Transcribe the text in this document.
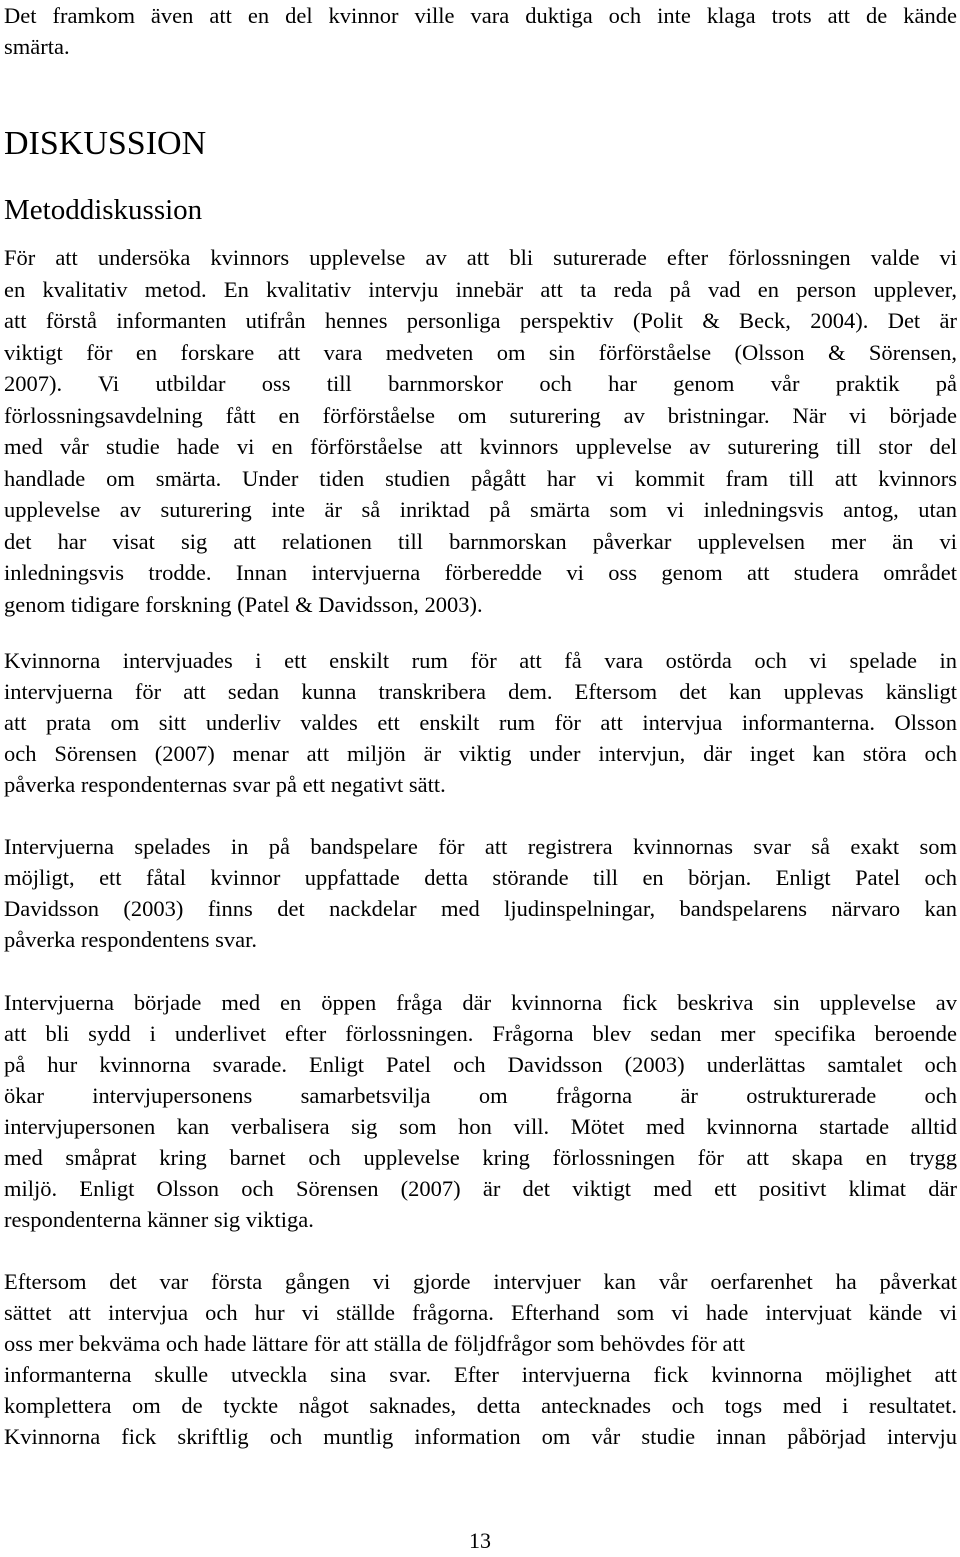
Det framkom även att en del kvinnor ville vara duktiga och inte klaga trots att de kände

smärta.

DISKUSSION
Metoddiskussion

För att undersöka kvinnors upplevelse av att bli suturerade efter förlossningen valde vi

en kvalitativ metod. En kvalitativ intervju innebär att ta reda på vad en person upplever,

att förstå informanten utifrån hennes personliga perspektiv (Polit & Beck, 2004). Det är

viktigt för en forskare att vara medveten om sin förförståelse (Olsson & Sörensen,

2007). Vi utbildar oss till barnmorskor och har genom vår praktik på

förlossningsavdelning fått en förförståelse om suturering av bristningar. När vi började

med vår studie hade vi en förförståelse att kvinnors upplevelse av suturering till stor del

handlade om smärta. Under tiden studien pågått har vi kommit fram till att kvinnors

upplevelse av suturering inte är så inriktad på smärta som vi inledningsvis antog, utan

det har visat sig att relationen till barnmorskan påverkar upplevelsen mer än vi

inledningsvis trodde. Innan intervjuerna förberedde vi oss genom att studera området

genom tidigare forskning (Patel & Davidsson, 2003).

Kvinnorna intervjuades i ett enskilt rum för att få vara ostörda och vi spelade in

intervjuerna för att sedan kunna transkribera dem. Eftersom det kan upplevas känsligt

att prata om sitt underliv valdes ett enskilt rum för att intervjua informanterna. Olsson

och Sörensen (2007) menar att miljön är viktig under intervjun, där inget kan störa och

påverka respondenternas svar på ett negativt sätt.

Intervjuerna spelades in på bandspelare för att registrera kvinnornas svar så exakt som

möjligt, ett fåtal kvinnor uppfattade detta störande till en början. Enligt Patel och

Davidsson (2003) finns det nackdelar med ljudinspelningar, bandspelarens närvaro kan

påverka respondentens svar.

Intervjuerna började med en öppen fråga där kvinnorna fick beskriva sin upplevelse av

att bli sydd i underlivet efter förlossningen. Frågorna blev sedan mer specifika beroende

på hur kvinnorna svarade. Enligt Patel och Davidsson (2003) underlättas samtalet och

ökar intervjupersonens samarbetsvilja om frågorna är ostrukturerade och

intervjupersonen kan verbalisera sig som hon vill. Mötet med kvinnorna startade alltid

med småprat kring barnet och upplevelse kring förlossningen för att skapa en trygg

miljö. Enligt Olsson och Sörensen (2007) är det viktigt med ett positivt klimat där

respondenterna känner sig viktiga.

Eftersom det var första gången vi gjorde intervjuer kan vår oerfarenhet ha påverkat

sättet att intervjua och hur vi ställde frågorna. Efterhand som vi hade intervjuat kände vi

oss mer bekväma och hade lättare för att ställa de följdfrågor som behövdes för att

informanterna skulle utveckla sina svar. Efter intervjuerna fick kvinnorna möjlighet att

komplettera om de tyckte något saknades, detta antecknades och togs med i resultatet.

Kvinnorna fick skriftlig och muntlig information om vår studie innan påbörjad intervju

13
